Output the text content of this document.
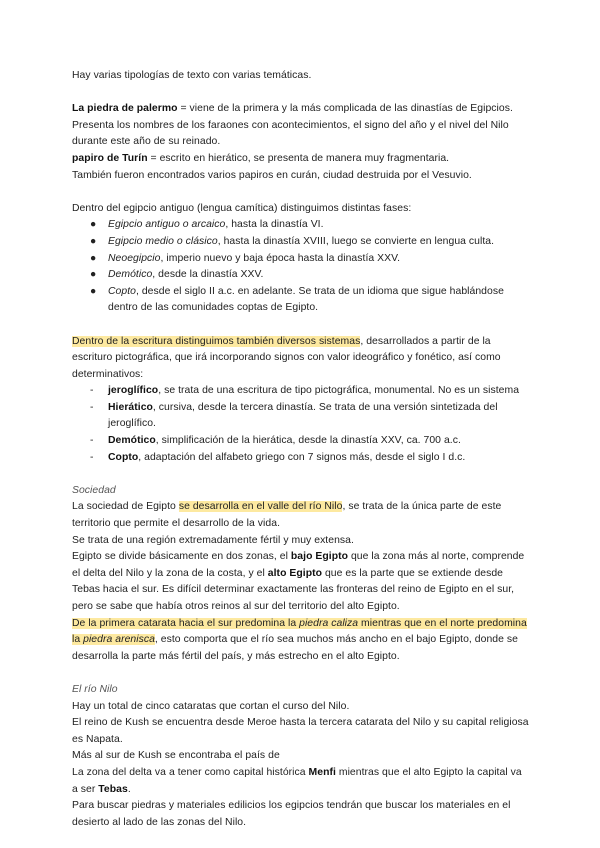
Hay varias tipologías de texto con varias temáticas.

La piedra de palermo = viene de la primera y la más complicada de las dinastías de Egipcios. Presenta los nombres de los faraones con acontecimientos, el signo del año y el nivel del Nilo durante este año de su reinado.

papiro de Turín = escrito en hierático, se presenta de manera muy fragmentaria.

También fueron encontrados varios papiros en curán, ciudad destruida por el Vesuvio.

Dentro del egipcio antiguo (lengua camítica) distinguimos distintas fases:

● Egipcio antiguo o arcaico, hasta la dinastía VI.
● Egipcio medio o clásico, hasta la dinastía XVIII, luego se convierte en lengua culta.
● Neoegipcio, imperio nuevo y baja época hasta la dinastía XXV.
● Demótico, desde la dinastía XXV.
● Copto, desde el siglo II a.c. en adelante. Se trata de un idioma que sigue hablándose dentro de las comunidades coptas de Egipto.

Dentro de la escritura distinguimos también diversos sistemas, desarrollados a partir de la escrituro pictográfica, que irá incorporando signos con valor ideográfico y fonético, así como determinativos:

- jeroglífico, se trata de una escritura de tipo pictográfica, monumental. No es un sistema
- Hierático, cursiva, desde la tercera dinastía. Se trata de una versión sintetizada del jeroglífico.
- Demótico, simplificación de la hierática, desde la dinastía XXV, ca. 700 a.c.
- Copto, adaptación del alfabeto griego con 7 signos más, desde el siglo I d.c.

Sociedad

La sociedad de Egipto se desarrolla en el valle del río Nilo, se trata de la única parte de este territorio que permite el desarrollo de la vida.

Se trata de una región extremadamente fértil y muy extensa.

Egipto se divide básicamente en dos zonas, el bajo Egipto que la zona más al norte, comprende el delta del Nilo y la zona de la costa, y el alto Egipto que es la parte que se extiende desde Tebas hacia el sur. Es difícil determinar exactamente las fronteras del reino de Egipto en el sur, pero se sabe que había otros reinos al sur del territorio del alto Egipto.

De la primera catarata hacia el sur predomina la piedra caliza mientras que en el norte predomina la piedra arenisca, esto comporta que el río sea muchos más ancho en el bajo Egipto, donde se desarrolla la parte más fértil del país, y más estrecho en el alto Egipto.

El río Nilo

Hay un total de cinco cataratas que cortan el curso del Nilo.

El reino de Kush se encuentra desde Meroe hasta la tercera catarata del Nilo y su capital religiosa es Napata.

Más al sur de Kush se encontraba el país de

La zona del delta va a tener como capital histórica Menfi mientras que el alto Egipto la capital va a ser Tebas.

Para buscar piedras y materiales edilicios los egipcios tendrán que buscar los materiales en el desierto al lado de las zonas del Nilo.
